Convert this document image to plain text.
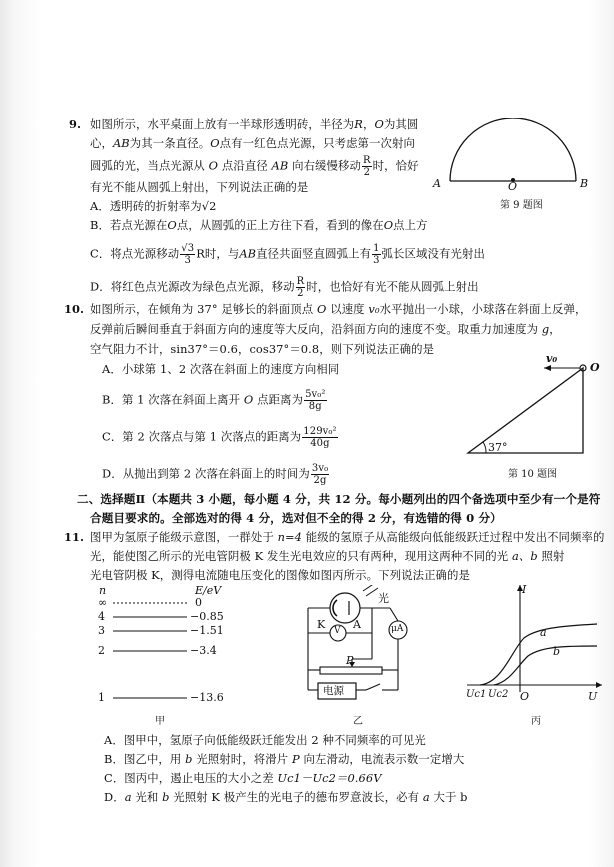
9. 如图所示，水平桌面上放有一半球形透明砖，半径为R，O为其圆
心，AB为其一条直径。O点有一红色点光源，只考虑第一次射向
圆弧的光，当点光源从 O 点沿直径 AB 向右缓慢移动 $\frac{R}{2}$ 时，恰好
有光不能从圆弧上射出，下列说法正确的是
A．透明砖的折射率为√2
B．若点光源在O点，从圆弧的正上方往下看，看到的像在O点上方
C．将点光源移动 $\frac{√3}{3}$ R时，与AB直径共面竖直圆弧上有 $\frac{1}{3}$ 弧长区域没有光射出
D．将红色点光源改为绿色点光源，移动 $\frac{R}{2}$ 时，也恰好有光不能从圆弧上射出
A	O	B
第 9 题图
10. 如图所示，在倾角为 37° 足够长的斜面顶点 O 以速度 v₀水平抛出一小球，小球落在斜面上反弹，
反弹前后瞬间垂直于斜面方向的速度等大反向，沿斜面方向的速度不变。取重力加速度为 g，
空气阻力不计，sin37°＝0.6，cos37°＝0.8，则下列说法正确的是
A．小球第 1、2 次落在斜面上的速度方向相同
B．第 1 次落在斜面上离开 O 点距离为 $\frac{\text{5v₀²}}{8g}$
C．第 2 次落点与第 1 次落点的距离为 $\frac{\text{129v₀²}}{40g}$
D．从抛出到第 2 次落在斜面上的时间为 $\frac{\text{3v₀}}{2g}$
v₀
O
37°
第 10 题图
二、选择题Ⅱ（本题共 3 小题，每小题 4 分，共 12 分。每小题列出的四个备选项中至少有一个是符
合题目要求的。全部选对的得 4 分，选对但不全的得 2 分，有选错的得 0 分）
11. 图甲为氢原子能级示意图，一群处于 n=4 能级的氢原子从高能级向低能级跃迁过程中发出不同频率的
光，能使图乙所示的光电管阴极 K 发生光电效应的只有两种，现用这两种不同的光 a、b 照射
光电管阴极 K，测得电流随电压变化的图像如图丙所示。下列说法正确的是
n	E/eV
∞	0
4	−0.85
3	−1.51
2	−3.4
1	−13.6
甲
K	A
光
V	μA
P
电源
乙
I
a
b
Uc1 Uc2 O	U
丙
A．图甲中，氢原子向低能级跃迁能发出 2 种不同频率的可见光
B．图乙中，用 b 光照射时，将滑片 P 向左滑动，电流表示数一定增大
C．图丙中，遏止电压的大小之差 Uc1－Uc2＝0.66V
D．a 光和 b 光照射 K 极产生的光电子的德布罗意波长，必有 a 大于 b
